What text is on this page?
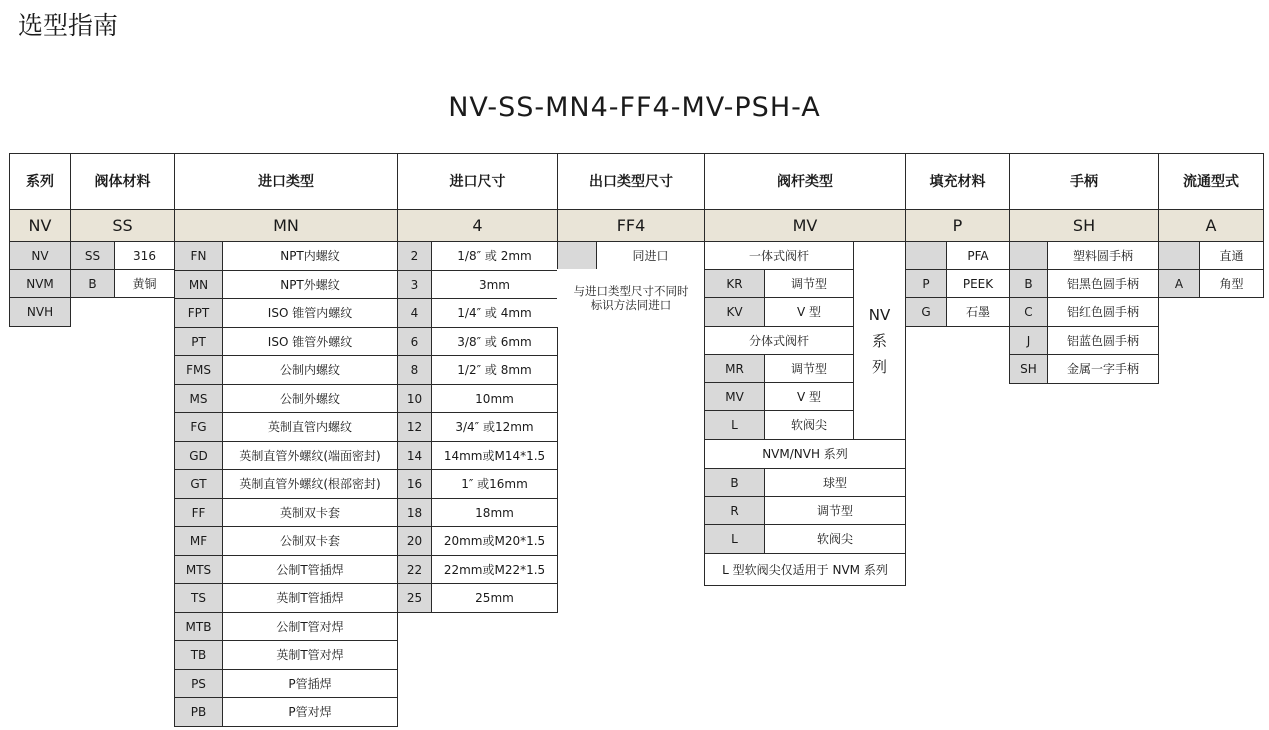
选型指南
NV-SS-MN4-FF4-MV-PSH-A
系列	阀体材料	进口类型	进口尺寸	出口类型尺寸	阀杆类型	填充材料	手柄	流通型式
NV	SS	MN	4	FF4	MV	P	SH	A
NV
NVM
NVH
SS	316
B	黄铜
FN	NPT内螺纹
MN	NPT外螺纹
FPT	ISO 锥管内螺纹
PT	ISO 锥管外螺纹
FMS	公制内螺纹
MS	公制外螺纹
FG	英制直管内螺纹
GD	英制直管外螺纹(端面密封)
GT	英制直管外螺纹(根部密封)
FF	英制双卡套
MF	公制双卡套
MTS	公制T管插焊
TS	英制T管插焊
MTB	公制T管对焊
TB	英制T管对焊
PS	P管插焊
PB	P管对焊
2	1/8″ 或 2mm
3	3mm
4	1/4″ 或 4mm
6	3/8″ 或 6mm
8	1/2″ 或 8mm
10	10mm
12	3/4″ 或12mm
14	14mm或M14*1.5
16	1″ 或16mm
18	18mm
20	20mm或M20*1.5
22	22mm或M22*1.5
25	25mm
同进口
与进口类型尺寸不同时标识方法同进口
一体式阀杆
KR	调节型
KV	V 型
分体式阀杆
MR	调节型
MV	V 型
L	软阀尖
NV系列
NVM/NVH 系列
B	球型
R	调节型
L	软阀尖
L 型软阀尖仅适用于 NVM 系列
PFA
P	PEEK
G	石墨
塑料圆手柄
B	铝黑色圆手柄
C	铝红色圆手柄
J	铝蓝色圆手柄
SH	金属一字手柄
直通
A	角型
